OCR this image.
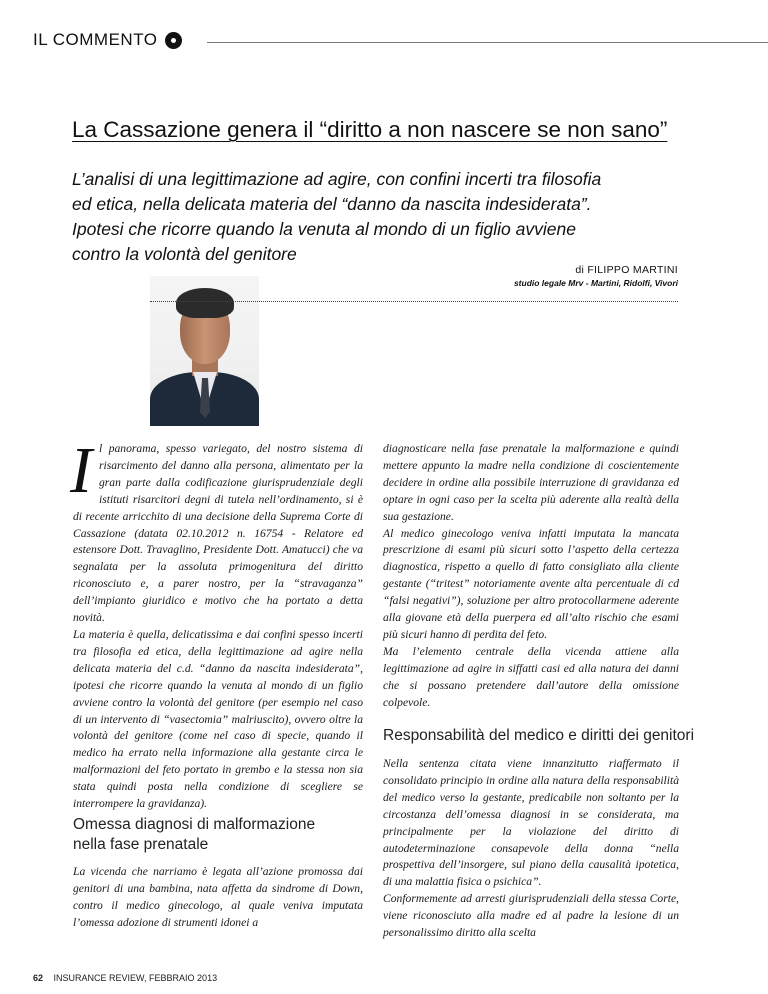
IL COMMENTO
La Cassazione genera il “diritto a non nascere se non sano”
L’analisi di una legittimazione ad agire, con confini incerti tra filosofia
ed etica, nella delicata materia del “danno da nascita indesiderata”.
Ipotesi che ricorre quando la venuta al mondo di un figlio avviene
contro la volontà del genitore
di FILIPPO MARTINI
studio legale Mrv - Martini, Ridolfi, Vivori

Il panorama, spesso variegato, del nostro sistema di risarcimento del danno alla persona, alimentato per la gran parte dalla codificazione giurisprudenziale degli istituti risarcitori degni di tutela nell’ordinamento, si è di recente arricchito di una decisione della Suprema Corte di Cassazione (datata 02.10.2012 n. 16754 - Relatore ed estensore Dott. Travaglino, Presidente Dott. Amatucci) che va segnalata per la assoluta primogenitura del diritto riconosciuto e, a parer nostro, per la “stravaganza” dell’impianto giuridico e motivo che ha portato a detta novità.

La materia è quella, delicatissima e dai confini spesso incerti tra filosofia ed etica, della legittimazione ad agire nella delicata materia del c.d. “danno da nascita indesiderata”, ipotesi che ricorre quando la venuta al mondo di un figlio avviene contro la volontà del genitore (per esempio nel caso di un intervento di “vasectomia” malriuscito), ovvero oltre la volontà del genitore (come nel caso di specie, quando il medico ha errato nella informazione alla gestante circa le malformazioni del feto portato in grembo e la stessa non sia stata quindi posta nella condizione di scegliere se interrompere la gravidanza).

Omessa diagnosi di malformazione
nella fase prenatale

La vicenda che narriamo è legata all’azione promossa dai genitori di una bambina, nata affetta da sindrome di Down, contro il medico ginecologo, al quale veniva imputata l’omessa adozione di strumenti idonei a

diagnosticare nella fase prenatale la malformazione e quindi mettere appunto la madre nella condizione di coscientemente decidere in ordine alla possibile interruzione di gravidanza ed optare in ogni caso per la scelta più aderente alla realtà della sua gestazione.

Al medico ginecologo veniva infatti imputata la mancata prescrizione di esami più sicuri sotto l’aspetto della certezza diagnostica, rispetto a quello di fatto consigliato alla cliente gestante (“tritest” notoriamente avente alta percentuale di cd “falsi negativi”), soluzione per altro protocollarmene aderente alla giovane età della puerpera ed all’alto rischio che esami più sicuri hanno di perdita del feto.

Ma l’elemento centrale della vicenda attiene alla legittimazione ad agire in siffatti casi ed alla natura dei danni che si possano pretendere dall’autore della omissione colpevole.

Responsabilità del medico e diritti dei genitori

Nella sentenza citata viene innanzitutto riaffermato il consolidato principio in ordine alla natura della responsabilità del medico verso la gestante, predicabile non soltanto per la circostanza dell’omessa diagnosi in se considerata, ma principalmente per la violazione del diritto di autodeterminazione consapevole della donna “nella prospettiva dell’insorgere, sul piano della causalità ipotetica, di una malattia fisica o psichica”.

Conformemente ad arresti giurisprudenziali della stessa Corte, viene riconosciuto alla madre ed al padre la lesione di un personalissimo diritto alla scelta

62 INSURANCE REVIEW, FEBBRAIO 2013
